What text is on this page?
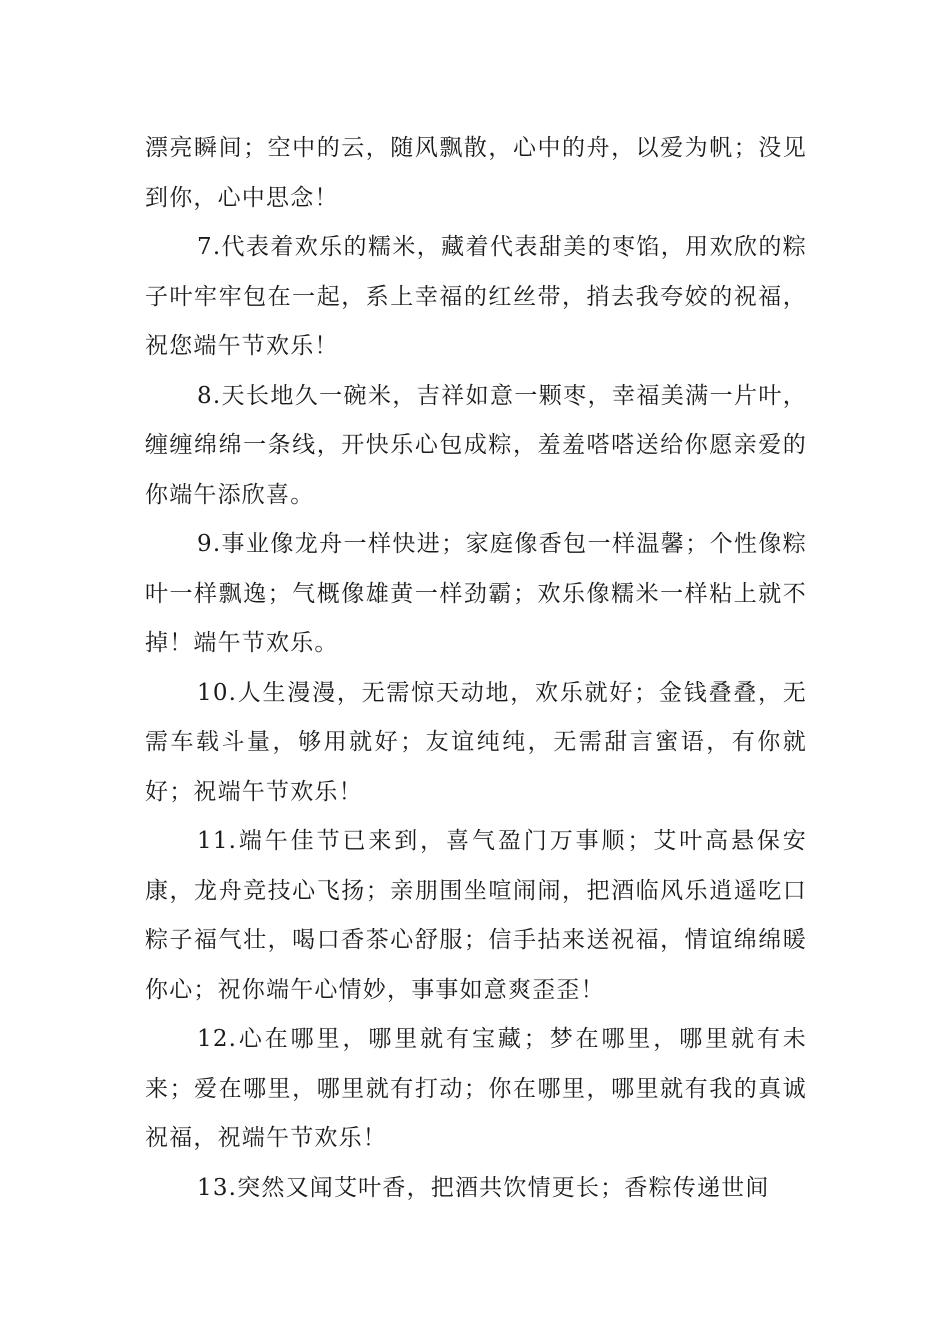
漂亮瞬间；空中的云，随风飘散，心中的舟，以爱为帆；没见到你，心中思念！

7.代表着欢乐的糯米，藏着代表甜美的枣馅，用欢欣的粽子叶牢牢包在一起，系上幸福的红丝带，捎去我夸姣的祝福，祝您端午节欢乐！

8.天长地久一碗米，吉祥如意一颗枣，幸福美满一片叶，缠缠绵绵一条线，开快乐心包成粽，羞羞嗒嗒送给你愿亲爱的你端午添欣喜。

9.事业像龙舟一样快进；家庭像香包一样温馨；个性像粽叶一样飘逸；气概像雄黄一样劲霸；欢乐像糯米一样粘上就不掉！端午节欢乐。

10.人生漫漫，无需惊天动地，欢乐就好；金钱叠叠，无需车载斗量，够用就好；友谊纯纯，无需甜言蜜语，有你就好；祝端午节欢乐！

11.端午佳节已来到，喜气盈门万事顺；艾叶高悬保安康，龙舟竞技心飞扬；亲朋围坐喧闹闹，把酒临风乐逍遥吃口粽子福气壮，喝口香茶心舒服；信手拈来送祝福，情谊绵绵暖你心；祝你端午心情妙，事事如意爽歪歪！

12.心在哪里，哪里就有宝藏；梦在哪里，哪里就有未来；爱在哪里，哪里就有打动；你在哪里，哪里就有我的真诚祝福，祝端午节欢乐！

13.突然又闻艾叶香，把酒共饮情更长；香粽传递世间
